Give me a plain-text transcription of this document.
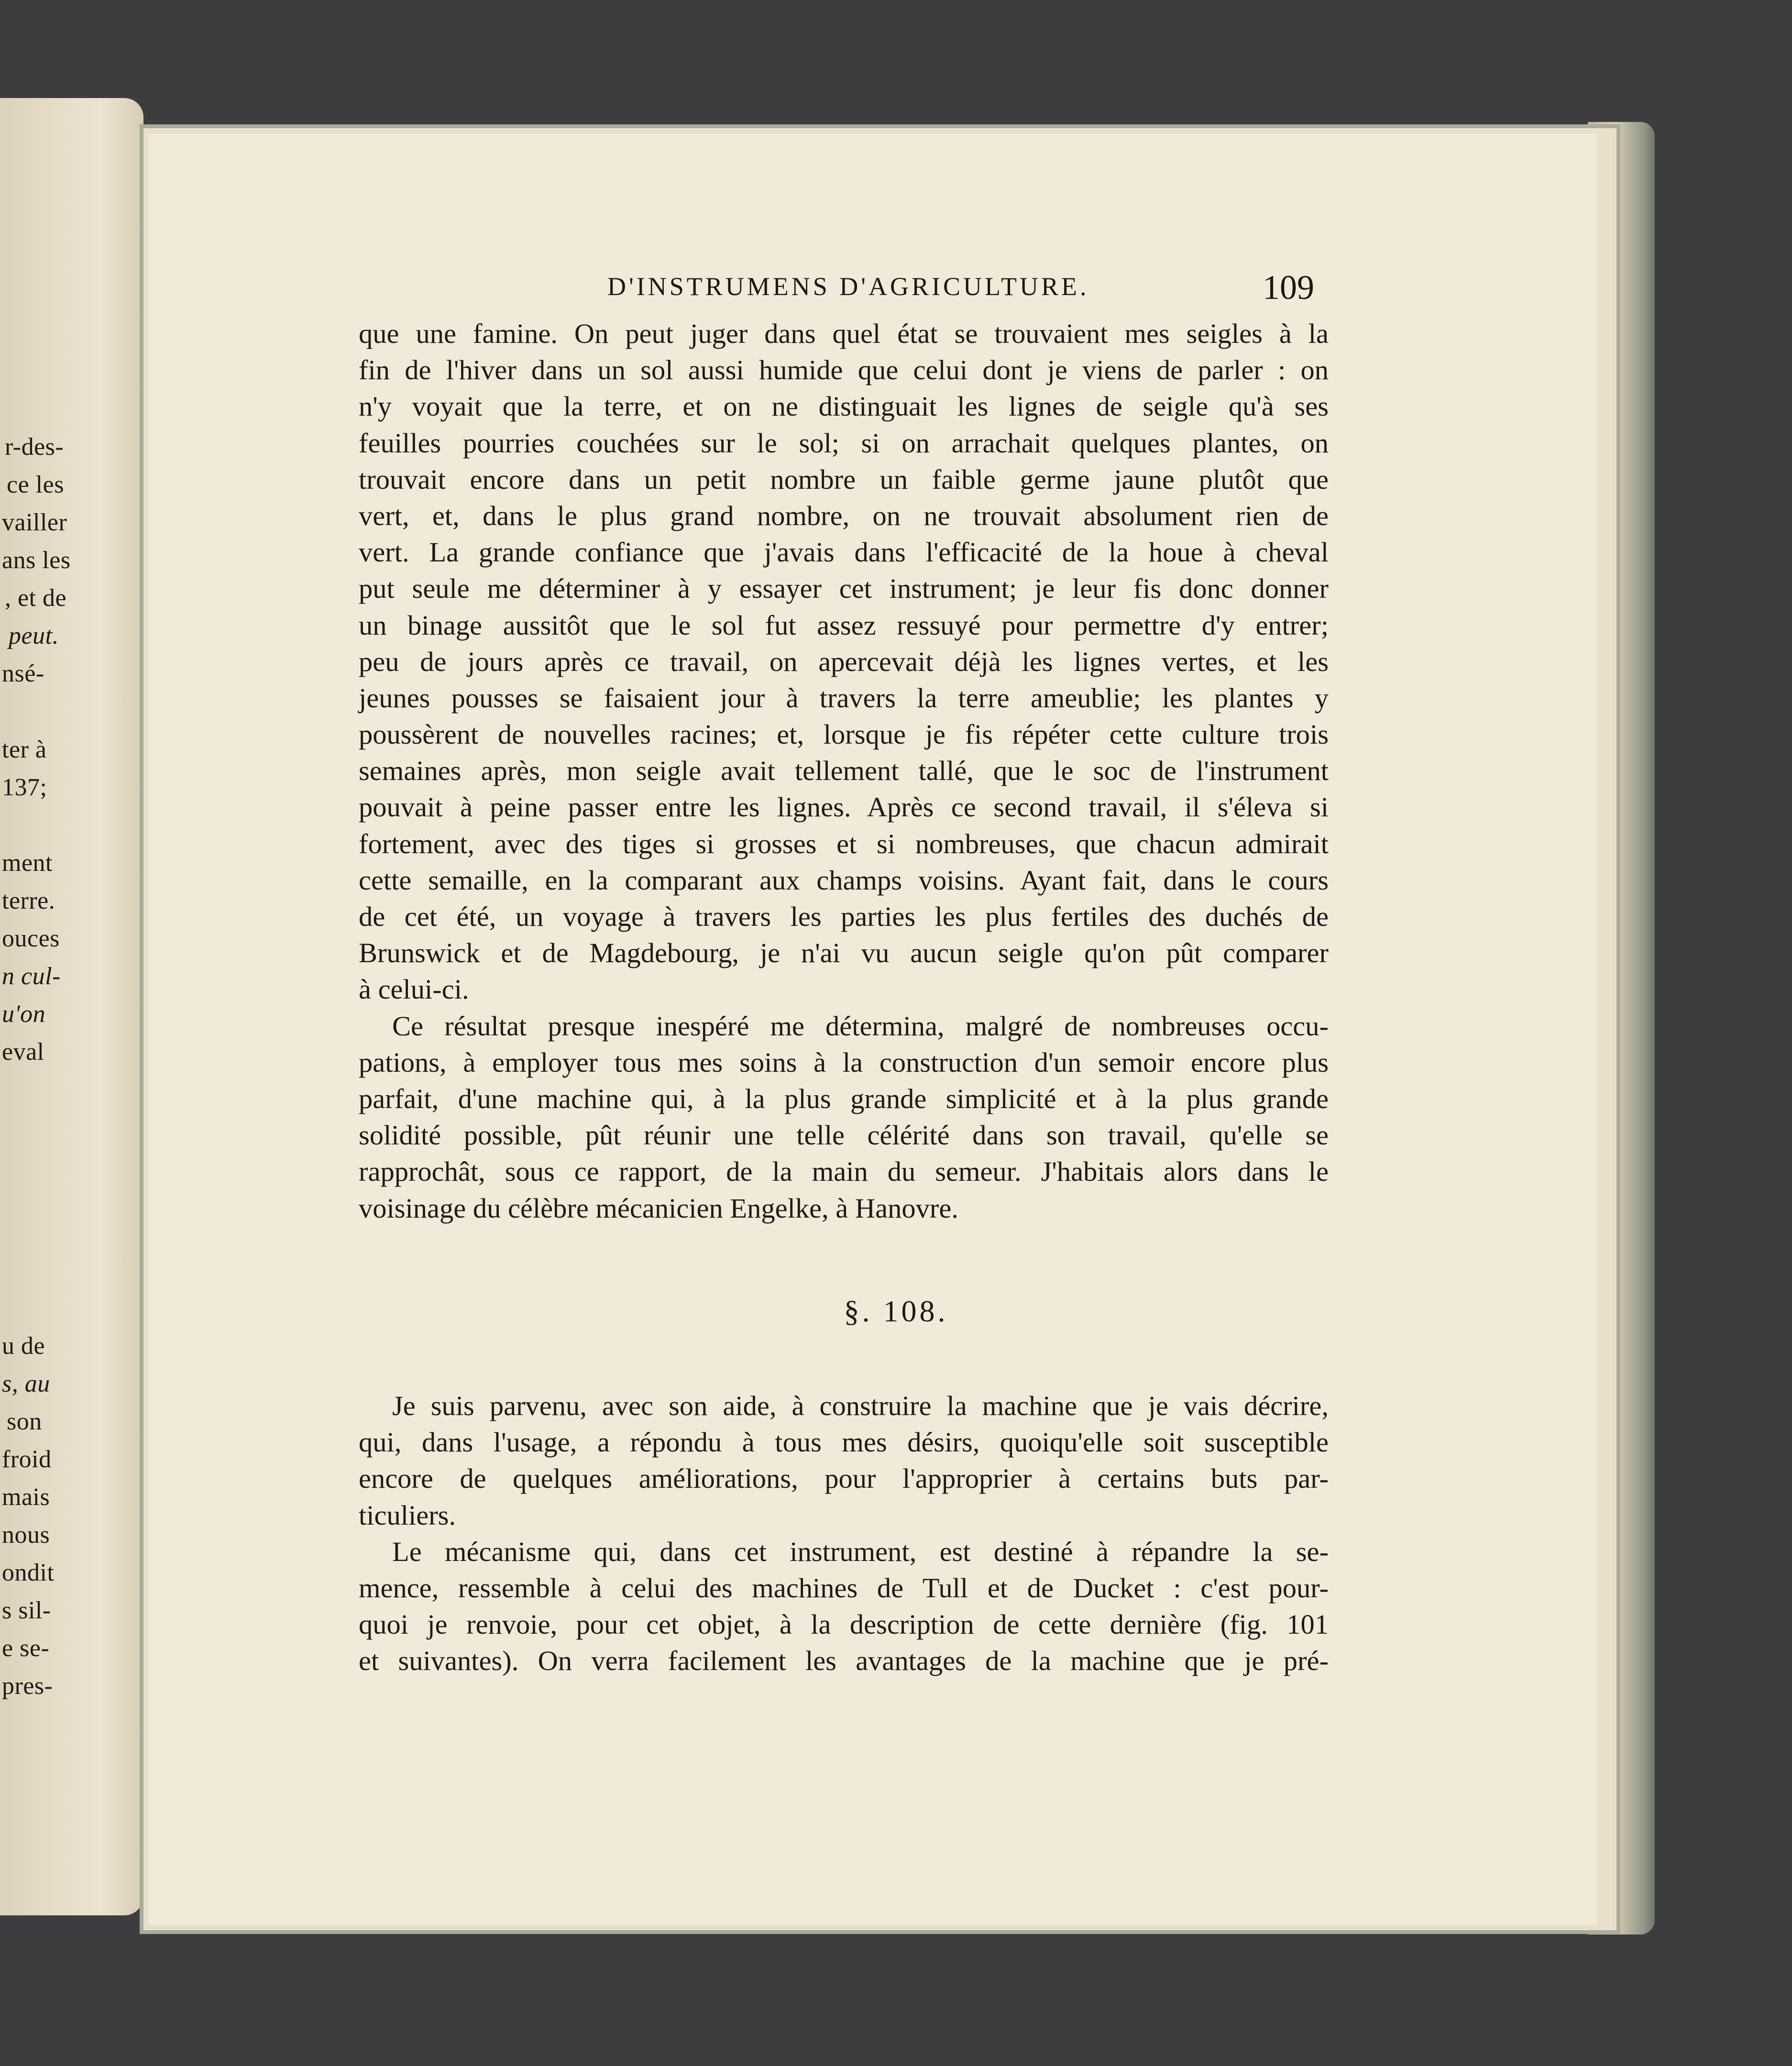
r-des-
ce les
vailler
ans les
, et de
peut.
nsé-
ter à
137;
ment
terre.
ouces
n cul-
u'on
eval
u de
s, au
son
froid
mais
nous
ondit
s sil-
e se-
pres-
D'INSTRUMENS D'AGRICULTURE.	109
que une famine. On peut juger dans quel état se trouvaient mes seigles à la
fin de l'hiver dans un sol aussi humide que celui dont je viens de parler : on
n'y voyait que la terre, et on ne distinguait les lignes de seigle qu'à ses
feuilles pourries couchées sur le sol; si on arrachait quelques plantes, on
trouvait encore dans un petit nombre un faible germe jaune plutôt que
vert, et, dans le plus grand nombre, on ne trouvait absolument rien de
vert. La grande confiance que j'avais dans l'efficacité de la houe à cheval
put seule me déterminer à y essayer cet instrument; je leur fis donc donner
un binage aussitôt que le sol fut assez ressuyé pour permettre d'y entrer;
peu de jours après ce travail, on apercevait déjà les lignes vertes, et les
jeunes pousses se faisaient jour à travers la terre ameublie; les plantes y
poussèrent de nouvelles racines; et, lorsque je fis répéter cette culture trois
semaines après, mon seigle avait tellement tallé, que le soc de l'instrument
pouvait à peine passer entre les lignes. Après ce second travail, il s'éleva si
fortement, avec des tiges si grosses et si nombreuses, que chacun admirait
cette semaille, en la comparant aux champs voisins. Ayant fait, dans le cours
de cet été, un voyage à travers les parties les plus fertiles des duchés de
Brunswick et de Magdebourg, je n'ai vu aucun seigle qu'on pût comparer
à celui-ci.
Ce résultat presque inespéré me détermina, malgré de nombreuses occu-
pations, à employer tous mes soins à la construction d'un semoir encore plus
parfait, d'une machine qui, à la plus grande simplicité et à la plus grande
solidité possible, pût réunir une telle célérité dans son travail, qu'elle se
rapprochât, sous ce rapport, de la main du semeur. J'habitais alors dans le
voisinage du célèbre mécanicien Engelke, à Hanovre.
§. 108.
Je suis parvenu, avec son aide, à construire la machine que je vais décrire,
qui, dans l'usage, a répondu à tous mes désirs, quoiqu'elle soit susceptible
encore de quelques améliorations, pour l'approprier à certains buts par-
ticuliers.
Le mécanisme qui, dans cet instrument, est destiné à répandre la se-
mence, ressemble à celui des machines de Tull et de Ducket : c'est pour-
quoi je renvoie, pour cet objet, à la description de cette dernière (fig. 101
et suivantes). On verra facilement les avantages de la machine que je pré-
